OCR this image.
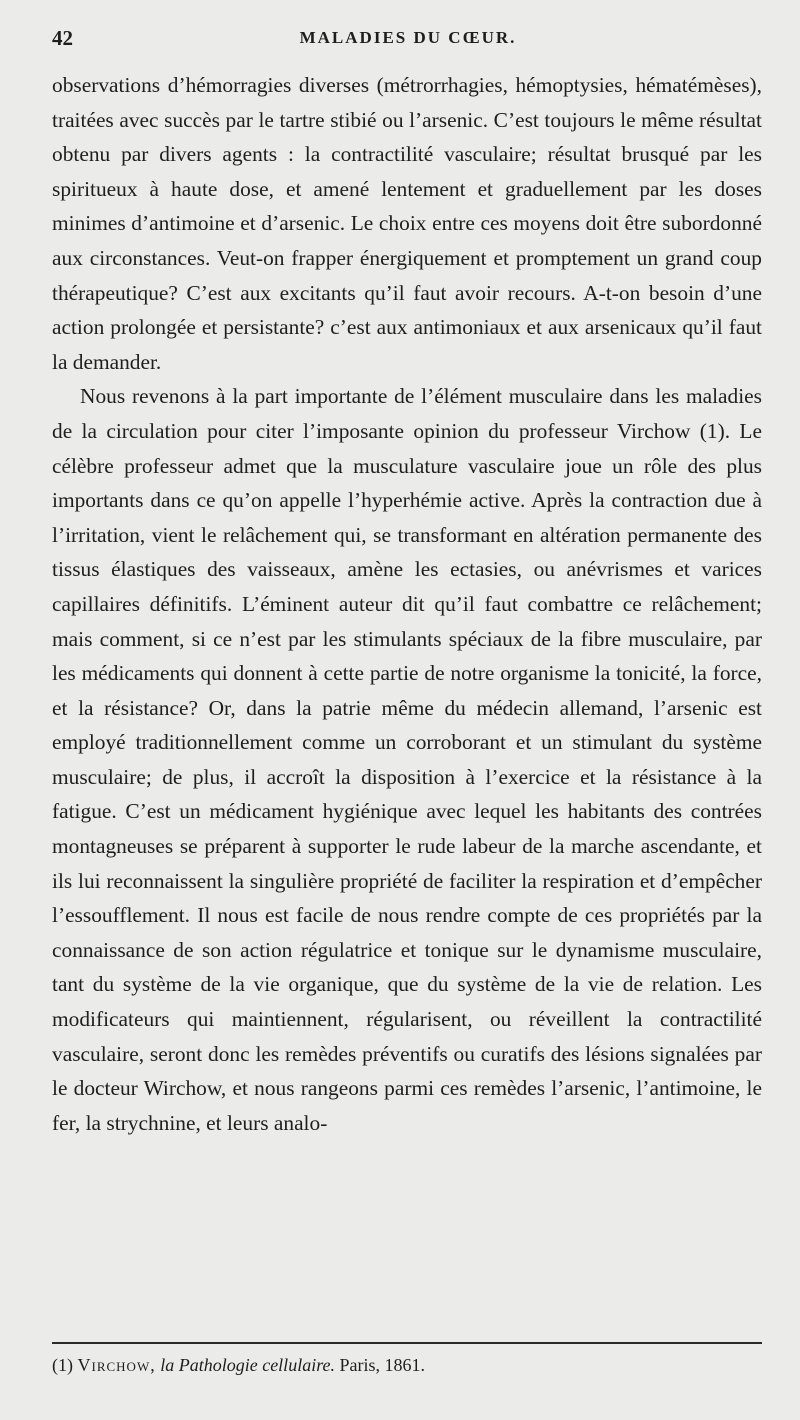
42	MALADIES DU CŒUR.

observations d’hémorragies diverses (métrorrhagies, hémoptysies, hématémèses), traitées avec succès par le tartre stibié ou l’arsenic. C’est toujours le même résultat obtenu par divers agents : la contractilité vasculaire; résultat brusqué par les spiritueux à haute dose, et amené lentement et graduellement par les doses minimes d’antimoine et d’arsenic. Le choix entre ces moyens doit être subordonné aux circonstances. Veut-on frapper énergiquement et promptement un grand coup thérapeutique? C’est aux excitants qu’il faut avoir recours. A-t-on besoin d’une action prolongée et persistante? c’est aux antimoniaux et aux arsenicaux qu’il faut la demander.

Nous revenons à la part importante de l’élément musculaire dans les maladies de la circulation pour citer l’imposante opinion du professeur Virchow (1). Le célèbre professeur admet que la musculature vasculaire joue un rôle des plus importants dans ce qu’on appelle l’hyperhémie active. Après la contraction due à l’irritation, vient le relâchement qui, se transformant en altération permanente des tissus élastiques des vaisseaux, amène les ectasies, ou anévrismes et varices capillaires définitifs. L’éminent auteur dit qu’il faut combattre ce relâchement; mais comment, si ce n’est par les stimulants spéciaux de la fibre musculaire, par les médicaments qui donnent à cette partie de notre organisme la tonicité, la force, et la résistance? Or, dans la patrie même du médecin allemand, l’arsenic est employé traditionnellement comme un corroborant et un stimulant du système musculaire; de plus, il accroît la disposition à l’exercice et la résistance à la fatigue. C’est un médicament hygiénique avec lequel les habitants des contrées montagneuses se préparent à supporter le rude labeur de la marche ascendante, et ils lui reconnaissent la singulière propriété de faciliter la respiration et d’empêcher l’essoufflement. Il nous est facile de nous rendre compte de ces propriétés par la connaissance de son action régulatrice et tonique sur le dynamisme musculaire, tant du système de la vie organique, que du système de la vie de relation. Les modificateurs qui maintiennent, régularisent, ou réveillent la contractilité vasculaire, seront donc les remèdes préventifs ou curatifs des lésions signalées par le docteur Wirchow, et nous rangeons parmi ces remèdes l’arsenic, l’antimoine, le fer, la strychnine, et leurs analo-

(1) Virchow, la Pathologie cellulaire. Paris, 1861.
